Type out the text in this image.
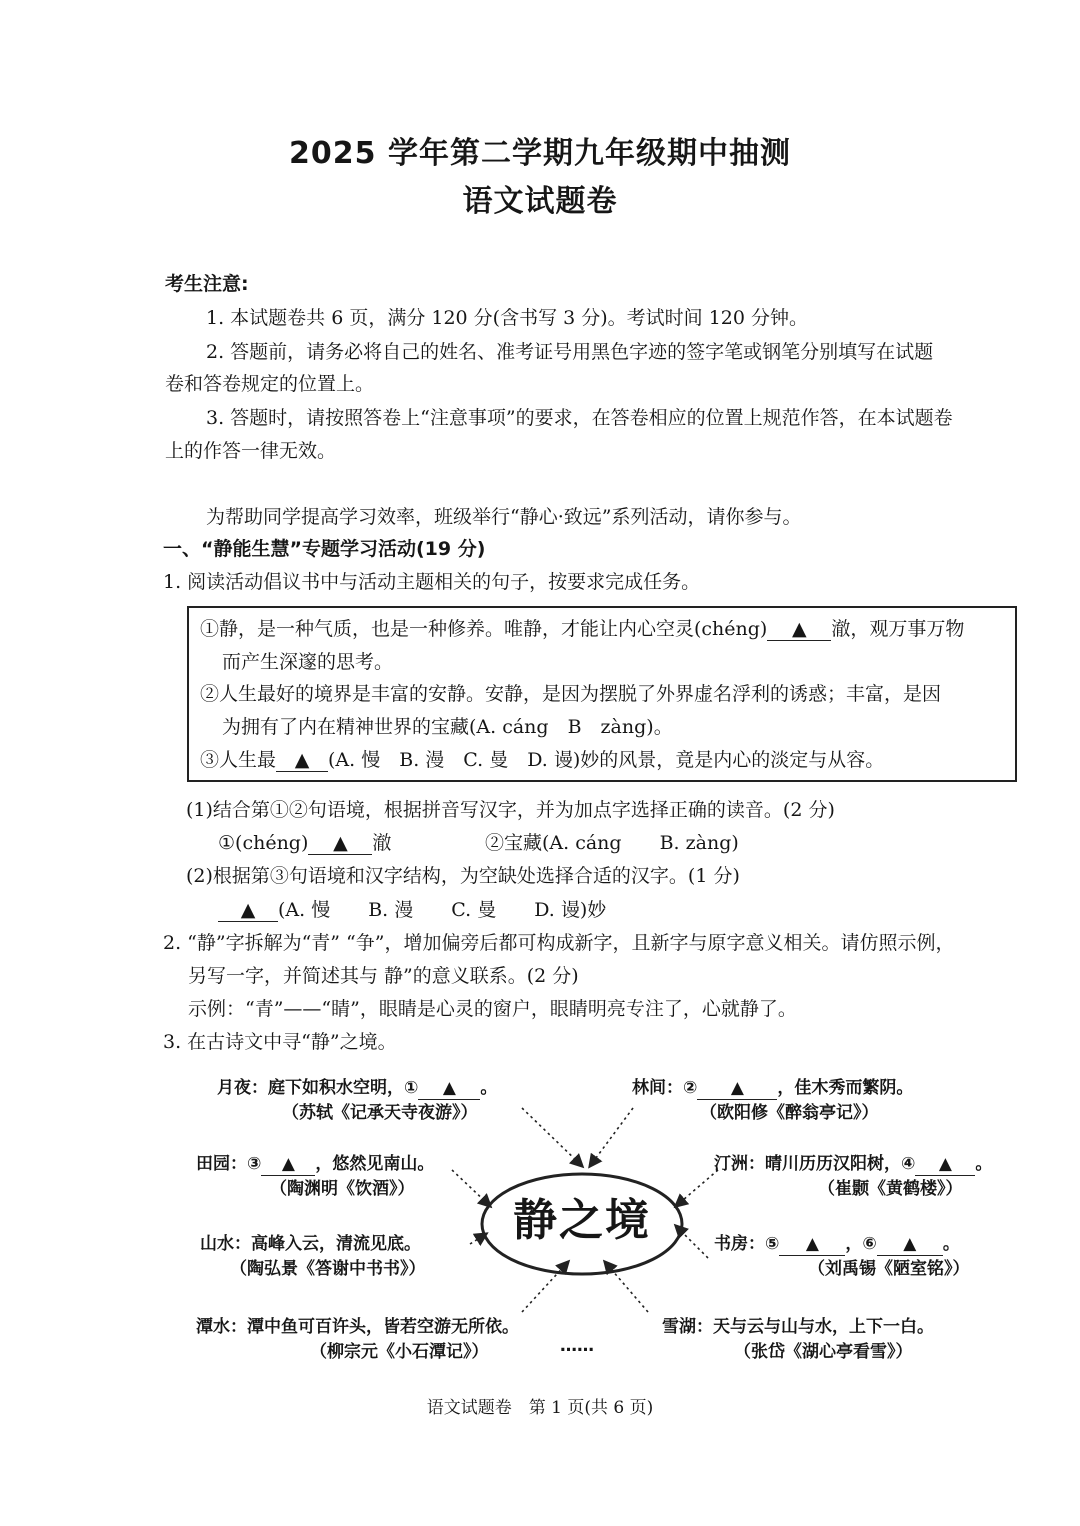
2025 学年第二学期九年级期中抽测
语文试题卷
考生注意:
1. 本试题卷共 6 页，满分 120 分(含书写 3 分)。考试时间 120 分钟。
2. 答题前，请务必将自己的姓名、准考证号用黑色字迹的签字笔或钢笔分别填写在试题
卷和答卷规定的位置上。
3. 答题时，请按照答卷上“注意事项”的要求，在答卷相应的位置上规范作答，在本试题卷
上的作答一律无效。
为帮助同学提高学习效率，班级举行“静心·致远”系列活动，请你参与。
一、“静能生慧”专题学习活动(19 分)
1. 阅读活动倡议书中与活动主题相关的句子，按要求完成任务。
①静，是一种气质，也是一种修养。唯静，才能让内心空灵(chéng) ▲ 澈，观万事万物
而产生深邃的思考。
②人生最好的境界是丰富的安静。安静，是因为摆脱了外界虚名浮利的诱惑；丰富，是因
为拥有了内在精神世界的宝藏(A. cáng　B　zàng)。
③人生最 ▲ (A. 慢　B. 漫　C. 曼　D. 谩)妙的风景，竟是内心的淡定与从容。
(1)结合第①②句语境，根据拼音写汉字，并为加点字选择正确的读音。(2 分)
①(chéng) ▲ 澈	②宝藏(A. cáng　　B. zàng)
(2)根据第③句语境和汉字结构，为空缺处选择合适的汉字。(1 分)
▲ (A. 慢　　B. 漫　　C. 曼　　D. 谩)妙
2. “静”字拆解为“青” “争”，增加偏旁后都可构成新字，且新字与原字意义相关。请仿照示例，
另写一字，并简述其与 静”的意义联系。(2 分)
示例：“青”——“睛”，眼睛是心灵的窗户，眼睛明亮专注了，心就静了。
3. 在古诗文中寻“静”之境。
静之境
月夜：庭下如积水空明，① ▲ 。
（苏轼《记承天寺夜游》）
林间：② ▲ ，佳木秀而繁阴。
（欧阳修《醉翁亭记》）
田园：③ ▲ ，悠然见南山。
（陶渊明《饮酒》）
汀洲：晴川历历汉阳树，④ ▲ 。
（崔颢《黄鹤楼》）
山水：高峰入云，清流见底。
（陶弘景《答谢中书书》）
书房：⑤ ▲ ，⑥ ▲ 。
（刘禹锡《陋室铭》）
潭水：潭中鱼可百许头，皆若空游无所依。
（柳宗元《小石潭记》）	……
雪湖：天与云与山与水，上下一白。
（张岱《湖心亭看雪》）
语文试题卷　第 1 页(共 6 页)
